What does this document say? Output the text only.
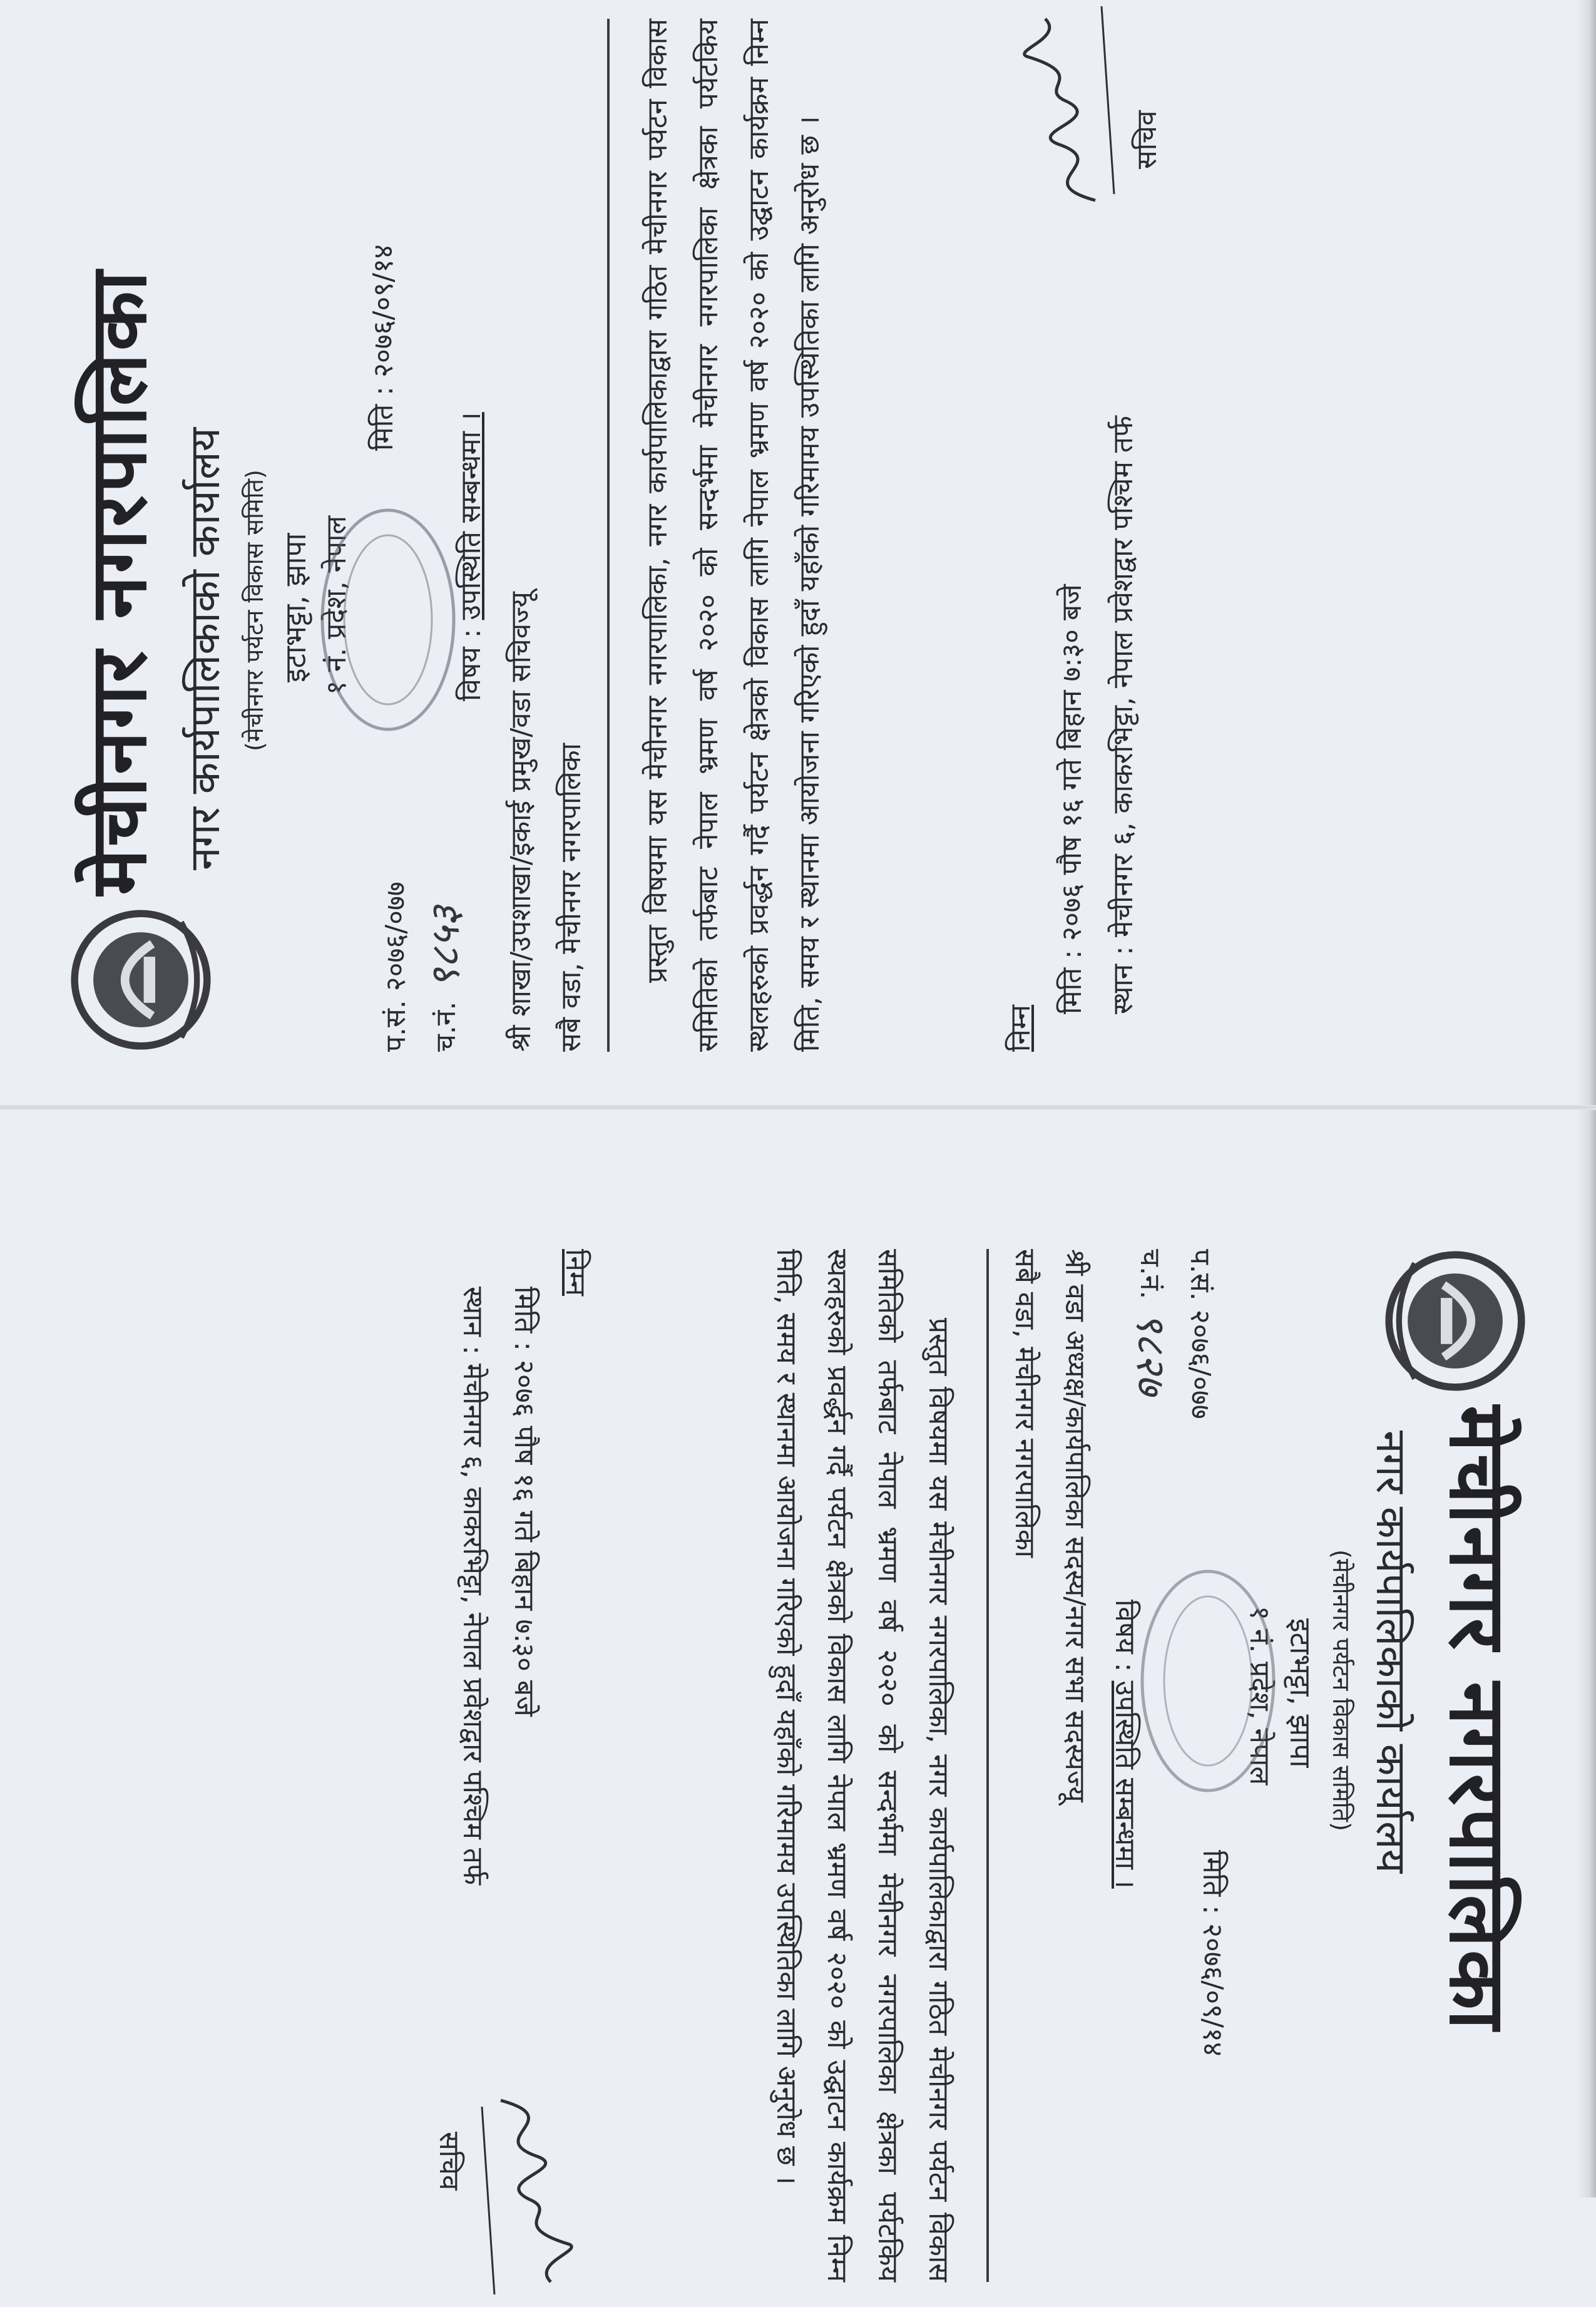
मेचीनगर नगरपालिका नगर कार्यपालिकाको कार्यालय (मेचीनगर पर्यटन विकास समिति) इटाभट्टा, झापा १ नं. प्रदेश, नेपाल
मिति : २०७६/०९/१४
प.सं. २०७६/०७७
च.नं.
९८५३
विषय : उपस्थिति सम्बन्धमा ।
श्री शाखा/उपशाखा/इकाई प्रमुख/वडा सचिवज्यू सबै वडा, मेचीनगर नगरपालिका	प्रस्तुत विषयमा यस मेचीनगर नगरपालिका, नगर कार्यपालिकाद्वारा गठित मेचीनगर पर्यटन विकास समितिको तर्फबाट नेपाल भ्रमण वर्ष २०२० को सन्दर्भमा मेचीनगर नगरपालिका क्षेत्रका पर्यटकिय स्थलहरुको प्रवर्द्धन गर्दै पर्यटन क्षेत्रको विकास लागि नेपाल भ्रमण वर्ष २०२० को उद्घाटन कार्यक्रम निम्न मिति, समय र स्थानमा आयोजना गरिएको हुदाँ यहाँको गरिमामय उपस्थितिका लागि अनुरोध छ ।	निम्न
मिति : २०७६ पौष १६ गते बिहान ७:३० बजे स्थान : मेचीनगर ६, काकरभिट्टा, नेपाल प्रवेशद्वार पश्चिम तर्फ
सचिव
मेचीनगर नगरपालिका
नगर कार्यपालिकाको कार्यालय
(मेचीनगर पर्यटन विकास समिति)
इटाभट्टा, झापा
१ नं. प्रदेश, नेपाल
मिति : २०७६/०९/१४
प.सं. २०७६/०७७
च.नं.
९८२७
विषय : उपस्थिति सम्बन्धमा ।
श्री वडा अध्यक्ष/कार्यपालिका सदस्य/नगर सभा सदस्यज्यू
सबै वडा, मेचीनगर नगरपालिका

प्रस्तुत विषयमा यस मेचीनगर नगरपालिका, नगर कार्यपालिकाद्वारा गठित मेचीनगर पर्यटन विकास समितिको तर्फबाट नेपाल भ्रमण वर्ष २०२० को सन्दर्भमा मेचीनगर नगरपालिका क्षेत्रका पर्यटकिय स्थलहरुको प्रवर्द्धन गर्दै पर्यटन क्षेत्रको विकास लागि नेपाल भ्रमण वर्ष २०२० को उद्घाटन कार्यक्रम निम्न मिति, समय र स्थानमा आयोजना गरिएको हुदाँ यहाँको गरिमामय उपस्थितिका लागि अनुरोध छ ।

निम्न
मिति : २०७६ पौष १६ गते बिहान ७:३० बजे
स्थान : मेचीनगर ६, काकरभिट्टा, नेपाल प्रवेशद्वार पश्चिम तर्फ
सचिव
